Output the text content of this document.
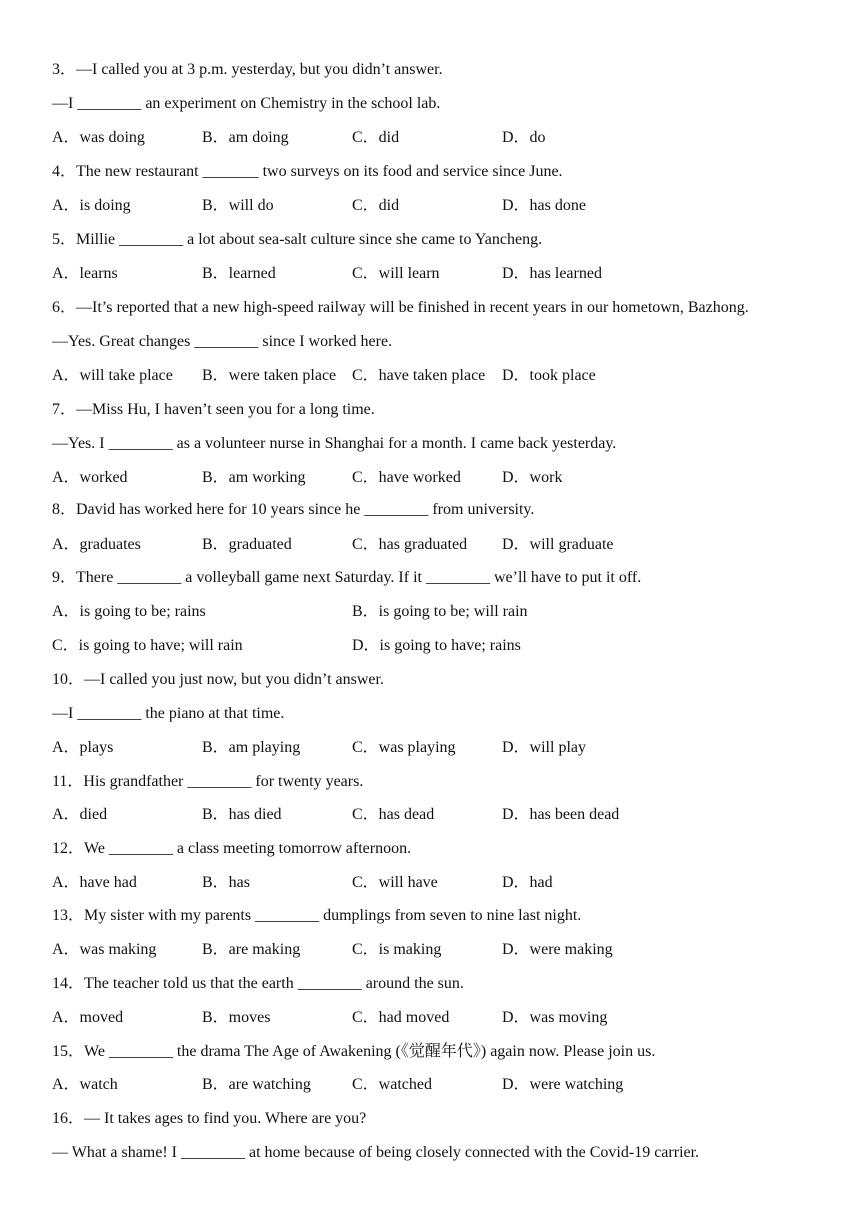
3．—I called you at 3 p.m. yesterday, but you didn’t answer.
—I ________ an experiment on Chemistry in the school lab.
A．was doing	B．am doing	C．did	D．do
4．The new restaurant _______ two surveys on its food and service since June.
A．is doing	B．will do	C．did	D．has done
5．Millie ________ a lot about sea-salt culture since she came to Yancheng.
A．learns	B．learned	C．will learn	D．has learned
6．—It’s reported that a new high-speed railway will be finished in recent years in our hometown, Bazhong.
—Yes. Great changes ________ since I worked here.
A．will take place B．were taken place C．have taken place D．took place
7．—Miss Hu, I haven’t seen you for a long time.
—Yes. I ________ as a volunteer nurse in Shanghai for a month. I came back yesterday.
A．worked	B．am working	C．have worked	D．work
8．David has worked here for 10 years since he ________ from university.
A．graduates	B．graduated	C．has graduated D．will graduate
9．There ________ a volleyball game next Saturday. If it ________ we’ll have to put it off.
A．is going to be; rains	B．is going to be; will rain
C．is going to have; will rain	D．is going to have; rains
10．—I called you just now, but you didn’t answer.
—I ________ the piano at that time.
A．plays	B．am playing	C．was playing	D．will play
11．His grandfather ________ for twenty years.
A．died	B．has died	C．has dead	D．has been dead
12．We ________ a class meeting tomorrow afternoon.
A．have had	B．has	C．will have	D．had
13．My sister with my parents ________ dumplings from seven to nine last night.
A．was making	B．are making	C．is making	D．were making
14．The teacher told us that the earth ________ around the sun.
A．moved	B．moves	C．had moved	D．was moving
15．We ________ the drama The Age of Awakening (《觉醒年代》) again now. Please join us.
A．watch	B．are watching	C．watched	D．were watching
16．— It takes ages to find you. Where are you?
— What a shame! I ________ at home because of being closely connected with the Covid-19 carrier.
